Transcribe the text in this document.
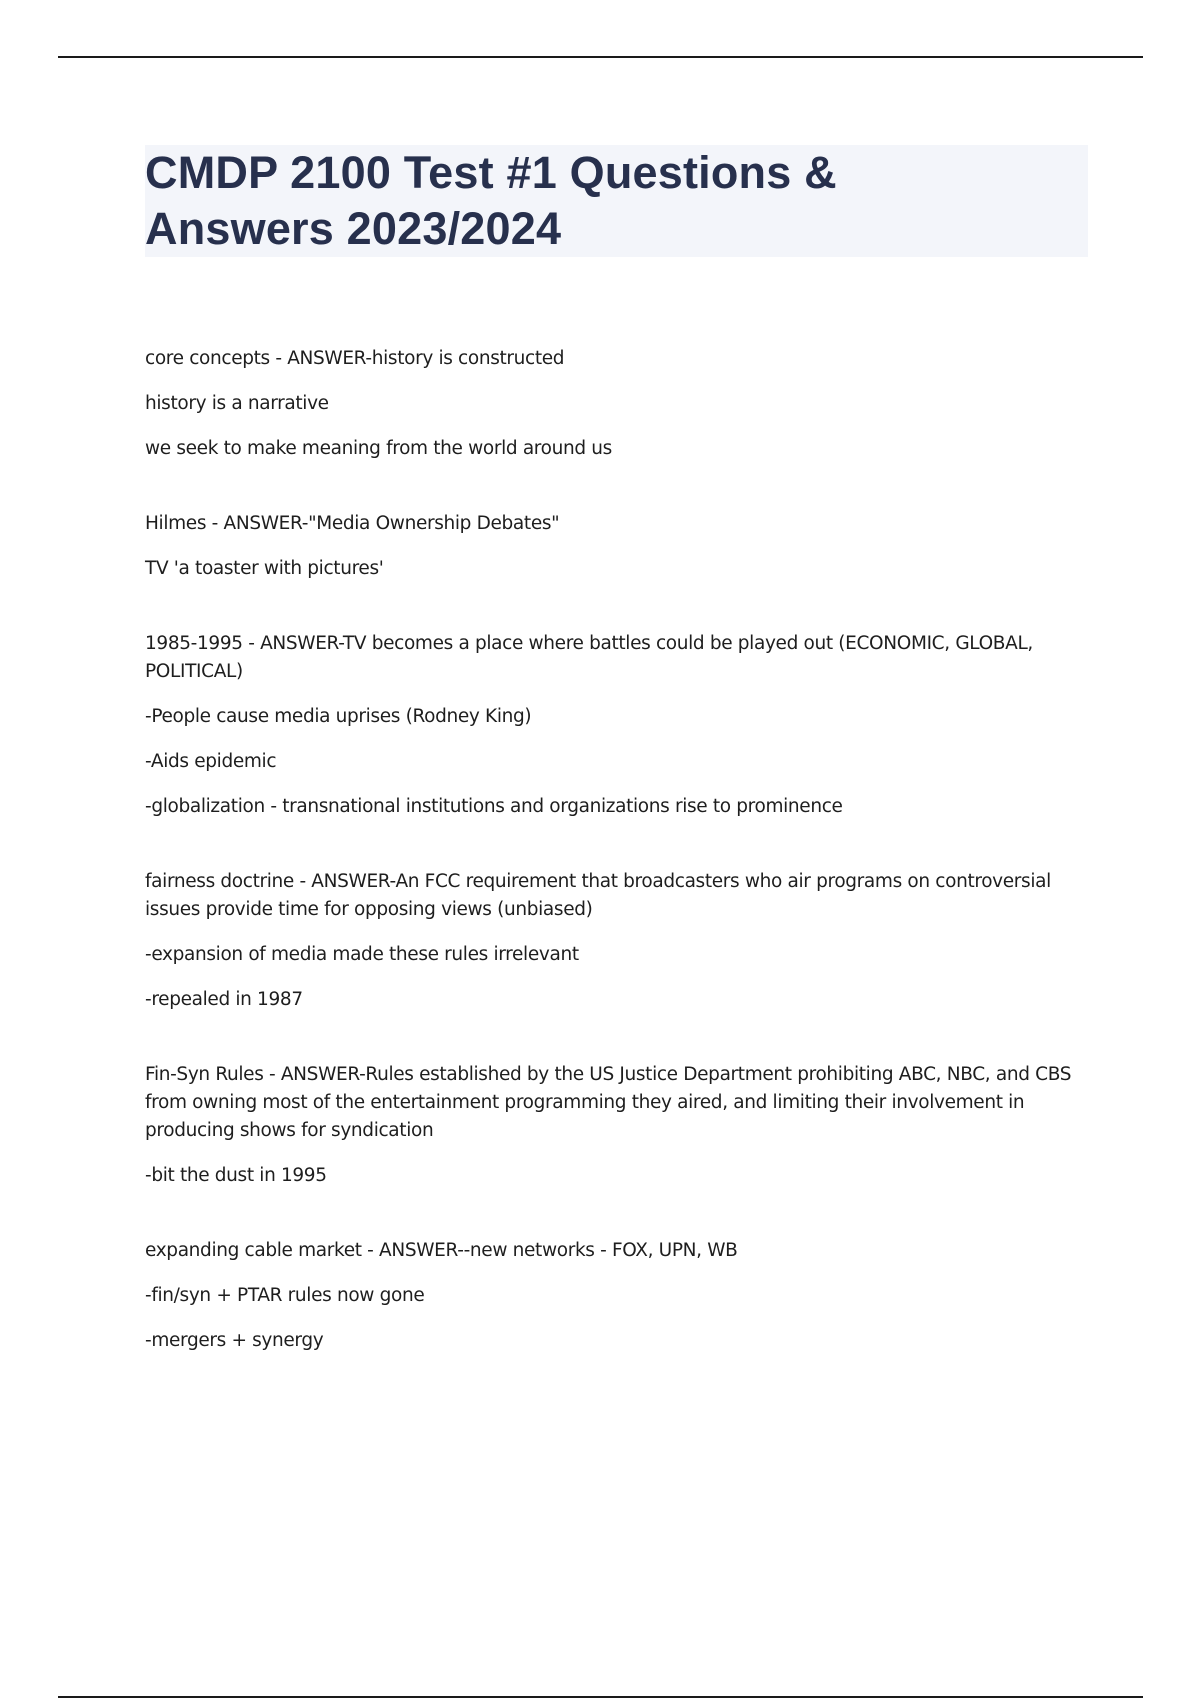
CMDP 2100 Test #1 Questions &
Answers 2023/2024
core concepts - ANSWER-history is constructed
history is a narrative
we seek to make meaning from the world around us
Hilmes - ANSWER-"Media Ownership Debates"
TV 'a toaster with pictures'
1985-1995 - ANSWER-TV becomes a place where battles could be played out (ECONOMIC, GLOBAL, POLITICAL)
-People cause media uprises (Rodney King)
-Aids epidemic
-globalization - transnational institutions and organizations rise to prominence
fairness doctrine - ANSWER-An FCC requirement that broadcasters who air programs on controversial issues provide time for opposing views (unbiased)
-expansion of media made these rules irrelevant
-repealed in 1987
Fin-Syn Rules - ANSWER-Rules established by the US Justice Department prohibiting ABC, NBC, and CBS from owning most of the entertainment programming they aired, and limiting their involvement in producing shows for syndication
-bit the dust in 1995
expanding cable market - ANSWER--new networks - FOX, UPN, WB
-fin/syn + PTAR rules now gone
-mergers + synergy
